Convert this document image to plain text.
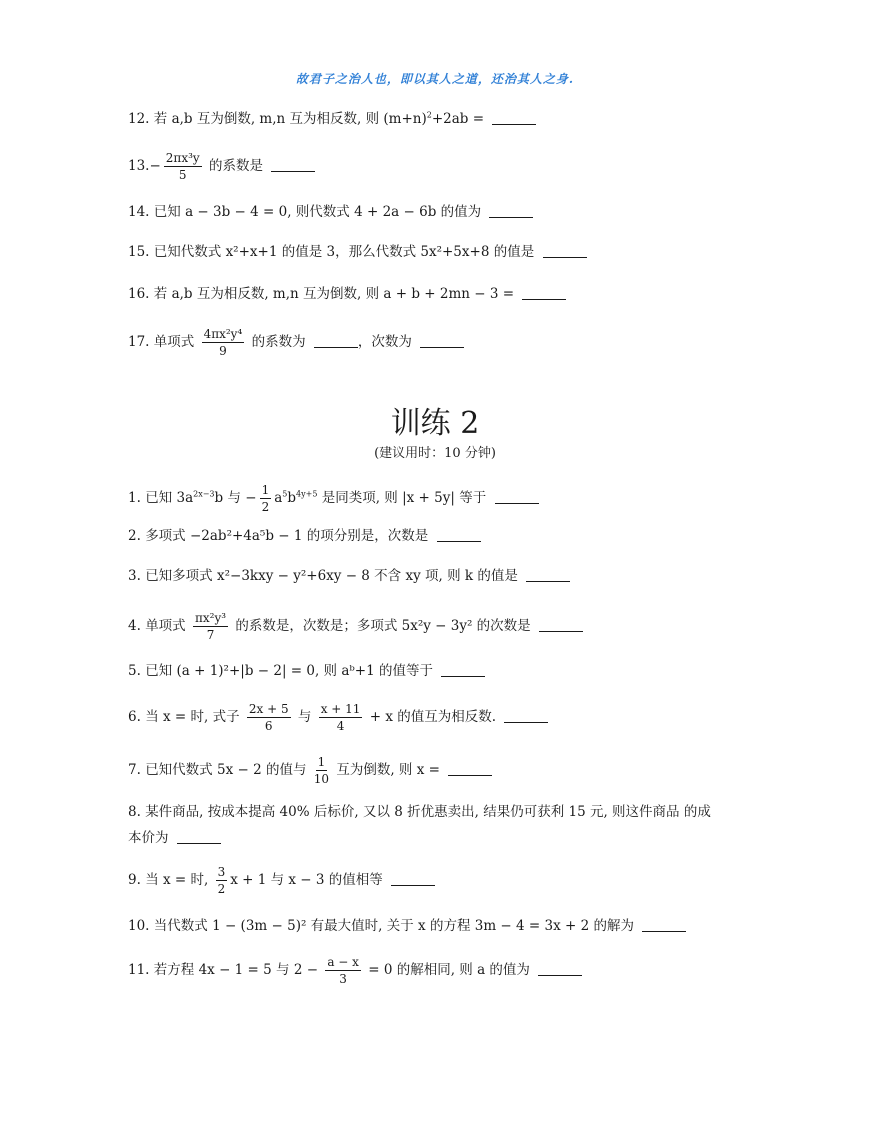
故君子之治人也，即以其人之道，还治其人之身.
12. 若 a,b 互为倒数, m,n 互为相反数, 则 $(m+n)^2+2ab$ =
$13.- \frac{\text{2πx³y}}{5}$ 的系数是
14. 已知 a − 3b − 4 = 0, 则代数式 4 + 2a − 6b 的值为
15. 已知代数式 x²+x+1 的值是 3，那么代数式 5x²+5x+8 的值是
16. 若 a,b 互为相反数, m,n 互为倒数, 则 a + b + 2mn − 3 =
17. 单项式 $\frac{\text{4πx²y⁴}}{9}$ 的系数为	，次数为
训练 2
(建议用时：10 分钟)
1. 已知 $3a^{2x-3}b$ 与 − $\frac{1}{2} a^5b^{4y+5}$ 是同类项, 则 |x + 5y| 等于
2. 多项式 −2ab²+4a⁵b − 1 的项分别是，次数是
3. 已知多项式 x²−3kxy − y²+6xy − 8 不含 xy 项, 则 k 的值是
4. 单项式 $\frac{\text{πx²y³}}{7}$ 的系数是，次数是；多项式 5x²y − 3y² 的次数是
5. 已知 (a + 1)²+|b − 2| = 0, 则 aᵇ+1 的值等于
6. 当 x = 时, 式子 $\frac{2x + 5}{6}$ 与 $\frac{x + 11}{4} + x$ 的值互为相反数.
7. 已知代数式 5x − 2 的值与 $\frac{1}{10}$ 互为倒数, 则 x =
8. 某件商品, 按成本提高 40% 后标价, 又以 8 折优惠卖出, 结果仍可获利 15 元, 则这件商品 的成
本价为
9. 当 x = 时, $\frac{3}{2}$ x + 1 与 x − 3 的值相等
10. 当代数式 1 − (3m − 5)² 有最大值时, 关于 x 的方程 3m − 4 = 3x + 2 的解为
11. 若方程 4x − 1 = 5 与 $2 - \frac{a - x}{3} = 0$ 的解相同, 则 a 的值为
